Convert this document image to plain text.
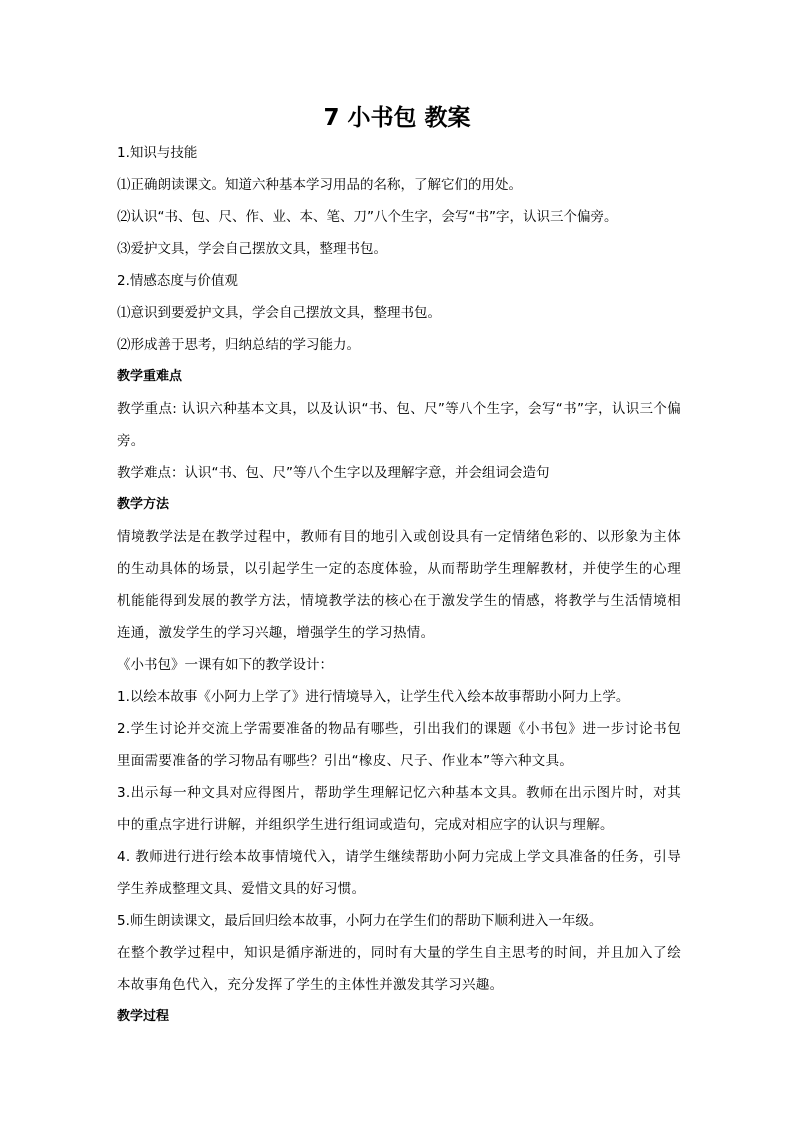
7 小书包 教案
1.知识与技能
⑴正确朗读课文。知道六种基本学习用品的名称，了解它们的用处。
⑵认识“书、包、尺、作、业、本、笔、刀”八个生字，会写“书”字，认识三个偏旁。
⑶爱护文具，学会自己摆放文具，整理书包。
2.情感态度与价值观
⑴意识到要爱护文具，学会自己摆放文具，整理书包。
⑵形成善于思考，归纳总结的学习能力。
教学重难点
教学重点: 认识六种基本文具，以及认识“书、包、尺”等八个生字，会写“书”字，认识三个偏旁。
教学难点：认识“书、包、尺”等八个生字以及理解字意，并会组词会造句
教学方法
情境教学法是在教学过程中，教师有目的地引入或创设具有一定情绪色彩的、以形象为主体的生动具体的场景，以引起学生一定的态度体验，从而帮助学生理解教材，并使学生的心理机能能得到发展的教学方法，情境教学法的核心在于激发学生的情感，将教学与生活情境相连通，激发学生的学习兴趣，增强学生的学习热情。
《小书包》一课有如下的教学设计：
1.以绘本故事《小阿力上学了》进行情境导入，让学生代入绘本故事帮助小阿力上学。
2.学生讨论并交流上学需要准备的物品有哪些，引出我们的课题《小书包》进一步讨论书包里面需要准备的学习物品有哪些？引出“橡皮、尺子、作业本”等六种文具。
3.出示每一种文具对应得图片，帮助学生理解记忆六种基本文具。教师在出示图片时，对其中的重点字进行讲解，并组织学生进行组词或造句，完成对相应字的认识与理解。
4. 教师进行进行绘本故事情境代入，请学生继续帮助小阿力完成上学文具准备的任务，引导学生养成整理文具、爱惜文具的好习惯。
5.师生朗读课文，最后回归绘本故事，小阿力在学生们的帮助下顺利进入一年级。
在整个教学过程中，知识是循序渐进的，同时有大量的学生自主思考的时间，并且加入了绘本故事角色代入，充分发挥了学生的主体性并激发其学习兴趣。
教学过程
